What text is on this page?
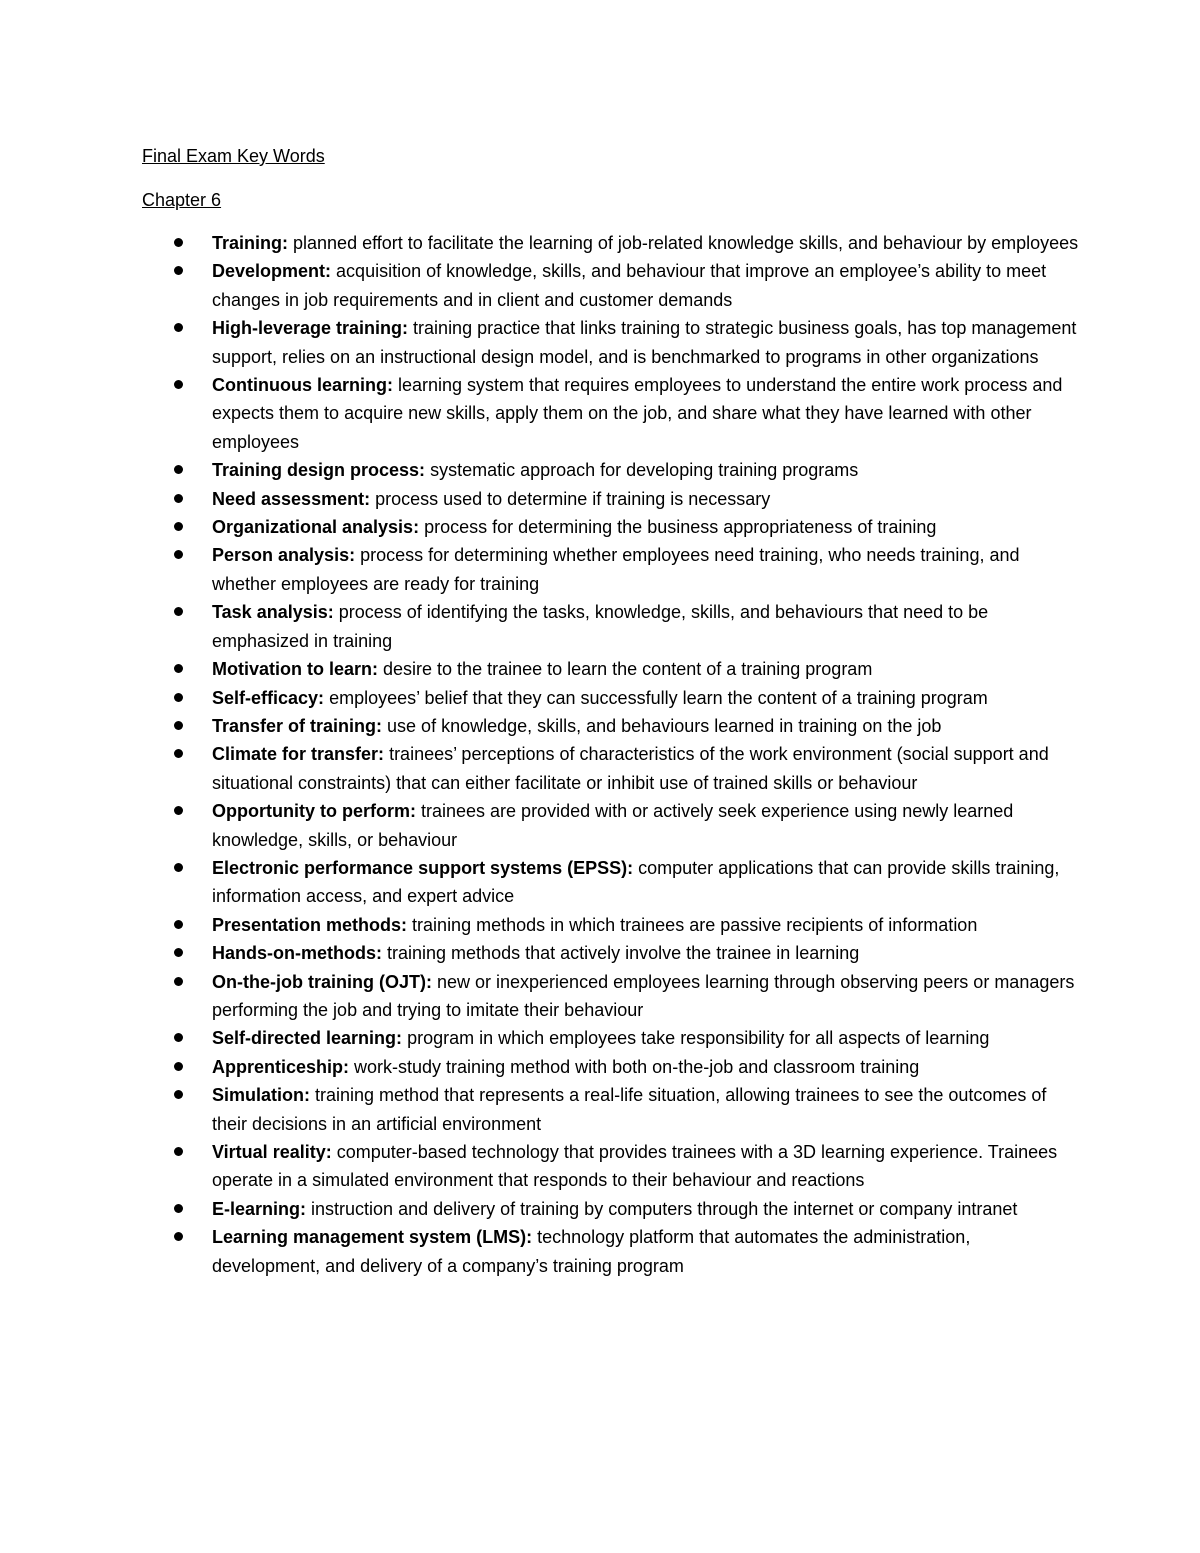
Final Exam Key Words
Chapter 6
Training: planned effort to facilitate the learning of job-related knowledge skills, and behaviour by employees
Development: acquisition of knowledge, skills, and behaviour that improve an employee’s ability to meet changes in job requirements and in client and customer demands
High-leverage training: training practice that links training to strategic business goals, has top management support, relies on an instructional design model, and is benchmarked to programs in other organizations
Continuous learning: learning system that requires employees to understand the entire work process and expects them to acquire new skills, apply them on the job, and share what they have learned with other employees
Training design process: systematic approach for developing training programs
Need assessment: process used to determine if training is necessary
Organizational analysis: process for determining the business appropriateness of training
Person analysis: process for determining whether employees need training, who needs training, and whether employees are ready for training
Task analysis: process of identifying the tasks, knowledge, skills, and behaviours that need to be emphasized in training
Motivation to learn: desire to the trainee to learn the content of a training program
Self-efficacy: employees’ belief that they can successfully learn the content of a training program
Transfer of training: use of knowledge, skills, and behaviours learned in training on the job
Climate for transfer: trainees’ perceptions of characteristics of the work environment (social support and situational constraints) that can either facilitate or inhibit use of trained skills or behaviour
Opportunity to perform: trainees are provided with or actively seek experience using newly learned knowledge, skills, or behaviour
Electronic performance support systems (EPSS): computer applications that can provide skills training, information access, and expert advice
Presentation methods: training methods in which trainees are passive recipients of information
Hands-on-methods: training methods that actively involve the trainee in learning
On-the-job training (OJT): new or inexperienced employees learning through observing peers or managers performing the job and trying to imitate their behaviour
Self-directed learning: program in which employees take responsibility for all aspects of learning
Apprenticeship: work-study training method with both on-the-job and classroom training
Simulation: training method that represents a real-life situation, allowing trainees to see the outcomes of their decisions in an artificial environment
Virtual reality: computer-based technology that provides trainees with a 3D learning experience. Trainees operate in a simulated environment that responds to their behaviour and reactions
E-learning: instruction and delivery of training by computers through the internet or company intranet
Learning management system (LMS): technology platform that automates the administration, development, and delivery of a company’s training program
